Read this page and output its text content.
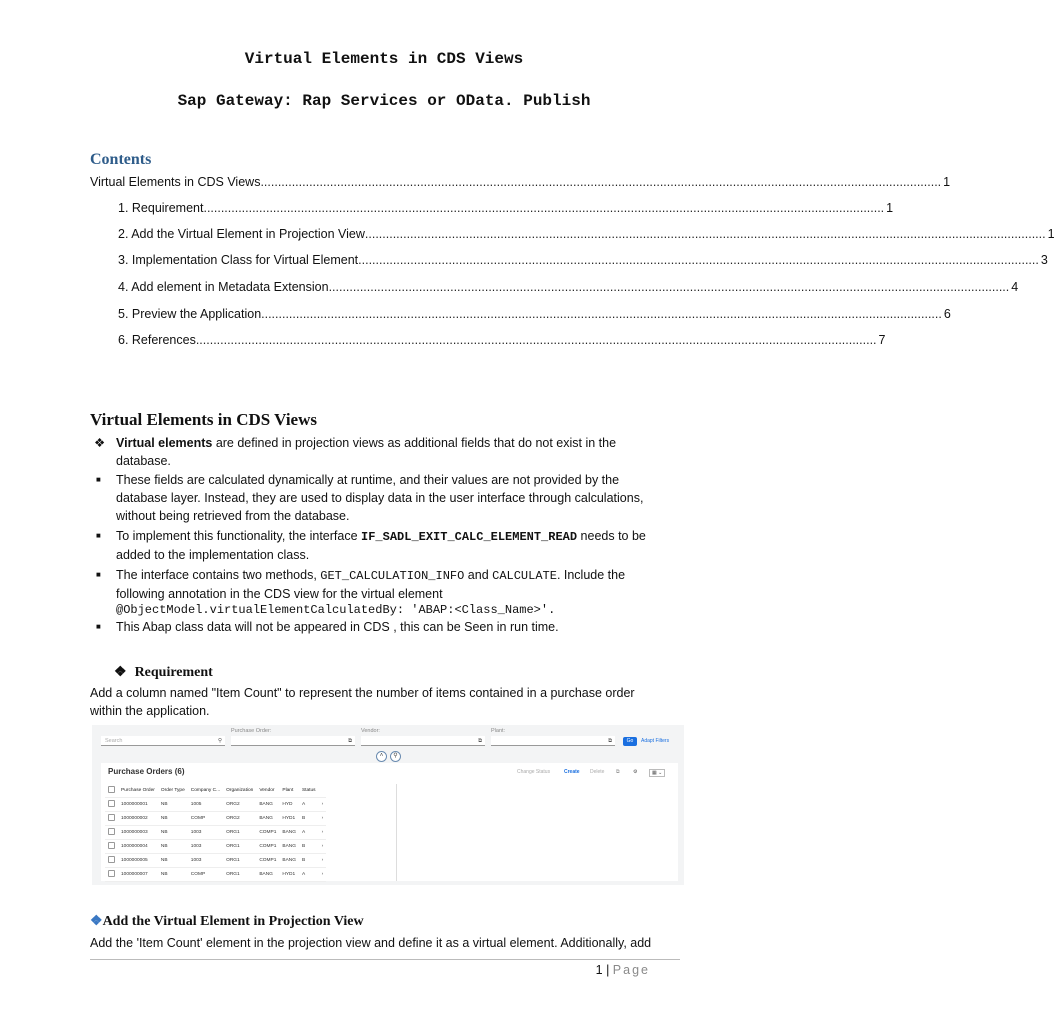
Virtual Elements in CDS Views
Sap Gateway: Rap Services or OData. Publish
Contents
Virtual Elements in CDS Views .................................................................................................................................................................................................... 1
1. Requirement .................................................................................................................................................................................................... 1
2. Add the Virtual Element in Projection View .................................................................................................................................................................................................... 1
3. Implementation Class for Virtual Element .................................................................................................................................................................................................... 3
4. Add element in Metadata Extension .................................................................................................................................................................................................... 4
5. Preview the Application .................................................................................................................................................................................................... 6
6. References .................................................................................................................................................................................................... 7
Virtual Elements in CDS Views
❖ Virtual elements are defined in projection views as additional fields that do not exist in the database.
■ These fields are calculated dynamically at runtime, and their values are not provided by the database layer. Instead, they are used to display data in the user interface through calculations, without being retrieved from the database.
■ To implement this functionality, the interface IF_SADL_EXIT_CALC_ELEMENT_READ needs to be added to the implementation class.
■ The interface contains two methods, GET_CALCULATION_INFO and CALCULATE. Include the following annotation in the CDS view for the virtual element
@ObjectModel.virtualElementCalculatedBy: 'ABAP:<Class_Name>'.
■ This Abap class data will not be appeared in CDS , this can be Seen in run time.
❖ Requirement
Add a column named "Item Count" to represent the number of items contained in a purchase order within the application.
Search	⚲
Purchase Order:
⧉
Vendor:
⧉
Plant:
⧉	Go	Adapt Filters
˄	⚲
Purchase Orders (6)	Change Status	Create Delete ⧉	⚙	▦ ⌄
	Purchase Order	Order Type	Company C...	Organization	Vendor	Plant	Status	
	1000000001	NB	1005	ORG2	BANG	HYD	A	›
	1000000002	NB	COMP	ORG2	BANG	HYD1	B	›
	1000000003	NB	1003	ORG1	COMP1	BANG	A	›
	1000000004	NB	1003	ORG1	COMP1	BANG	B	›
	1000000005	NB	1003	ORG1	COMP1	BANG	B	›
	1000000007	NB	COMP	ORG1	BANG	HYD1	A	›
❖Add the Virtual Element in Projection View
Add the 'Item Count' element in the projection view and define it as a virtual element. Additionally, add
1 | Page
